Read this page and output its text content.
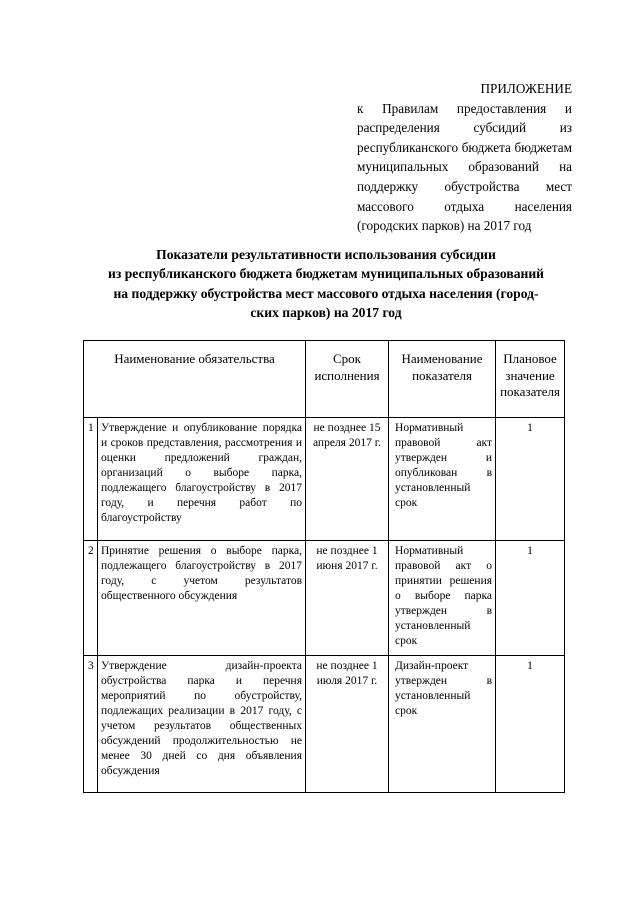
ПРИЛОЖЕНИЕ
к Правилам предоставления и распределения субсидий из республиканского бюджета бюджетам муниципальных образований на поддержку обустройства мест массового отдыха населения (городских парков) на 2017 год
Показатели результативности использования субсидии
из республиканского бюджета бюджетам муниципальных образований
на поддержку обустройства мест массового отдыха населения (город-
ских парков) на 2017 год
Наименование обязательства		Срок исполнения	Наименование показателя	Плановое значение показателя
1	Утверждение и опубликование порядка и сроков представления, рассмотрения и оценки предложений граждан, организаций о выборе парка, подлежащего благоустройству в 2017 году, и перечня работ по благоустройству	не позднее 15 апреля 2017 г.	Нормативный правовой акт утвержден и опубликован в установленный срок	1
2	Принятие решения о выборе парка, подлежащего благоустройству в 2017 году, с учетом результатов общественного обсуждения	не позднее 1 июня 2017 г.	Нормативный правовой акт о принятии решения о выборе парка утвержден в установленный срок	1
3	Утверждение дизайн-проекта обустройства парка и перечня мероприятий по обустройству, подлежащих реализации в 2017 году, с учетом результатов общественных обсуждений продолжительностью не менее 30 дней со дня объявления обсуждения	не позднее 1 июля 2017 г.	Дизайн-проект утвержден в установленный срок	1
